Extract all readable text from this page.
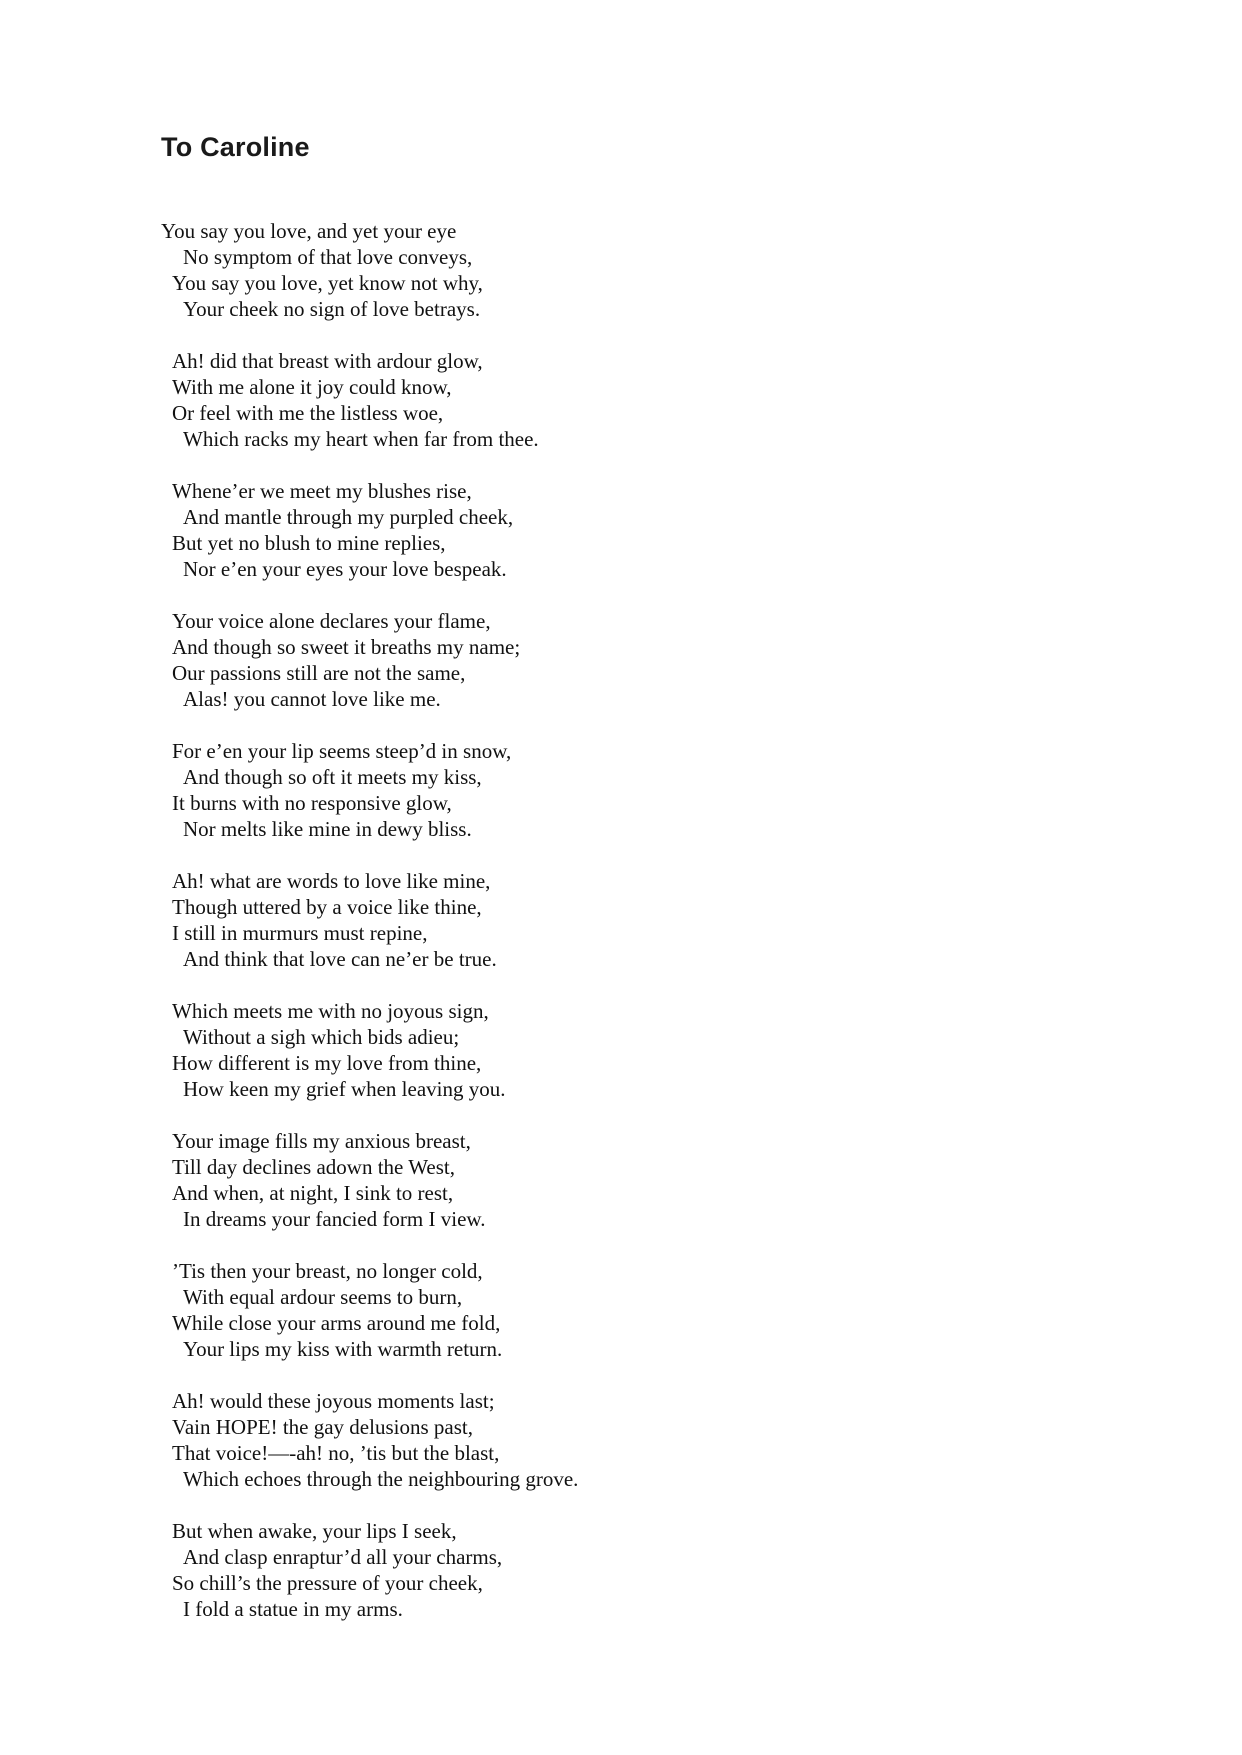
To Caroline
You say you love, and yet your eye
No symptom of that love conveys,
You say you love, yet know not why,
Your cheek no sign of love betrays.
Ah! did that breast with ardour glow,
With me alone it joy could know,
Or feel with me the listless woe,
Which racks my heart when far from thee.
Whene’er we meet my blushes rise,
And mantle through my purpled cheek,
But yet no blush to mine replies,
Nor e’en your eyes your love bespeak.
Your voice alone declares your flame,
And though so sweet it breaths my name;
Our passions still are not the same,
Alas! you cannot love like me.
For e’en your lip seems steep’d in snow,
And though so oft it meets my kiss,
It burns with no responsive glow,
Nor melts like mine in dewy bliss.
Ah! what are words to love like mine,
Though uttered by a voice like thine,
I still in murmurs must repine,
And think that love can ne’er be true.
Which meets me with no joyous sign,
Without a sigh which bids adieu;
How different is my love from thine,
How keen my grief when leaving you.
Your image fills my anxious breast,
Till day declines adown the West,
And when, at night, I sink to rest,
In dreams your fancied form I view.
’Tis then your breast, no longer cold,
With equal ardour seems to burn,
While close your arms around me fold,
Your lips my kiss with warmth return.
Ah! would these joyous moments last;
Vain HOPE! the gay delusions past,
That voice!—-ah! no, ’tis but the blast,
Which echoes through the neighbouring grove.
But when awake, your lips I seek,
And clasp enraptur’d all your charms,
So chill’s the pressure of your cheek,
I fold a statue in my arms.
